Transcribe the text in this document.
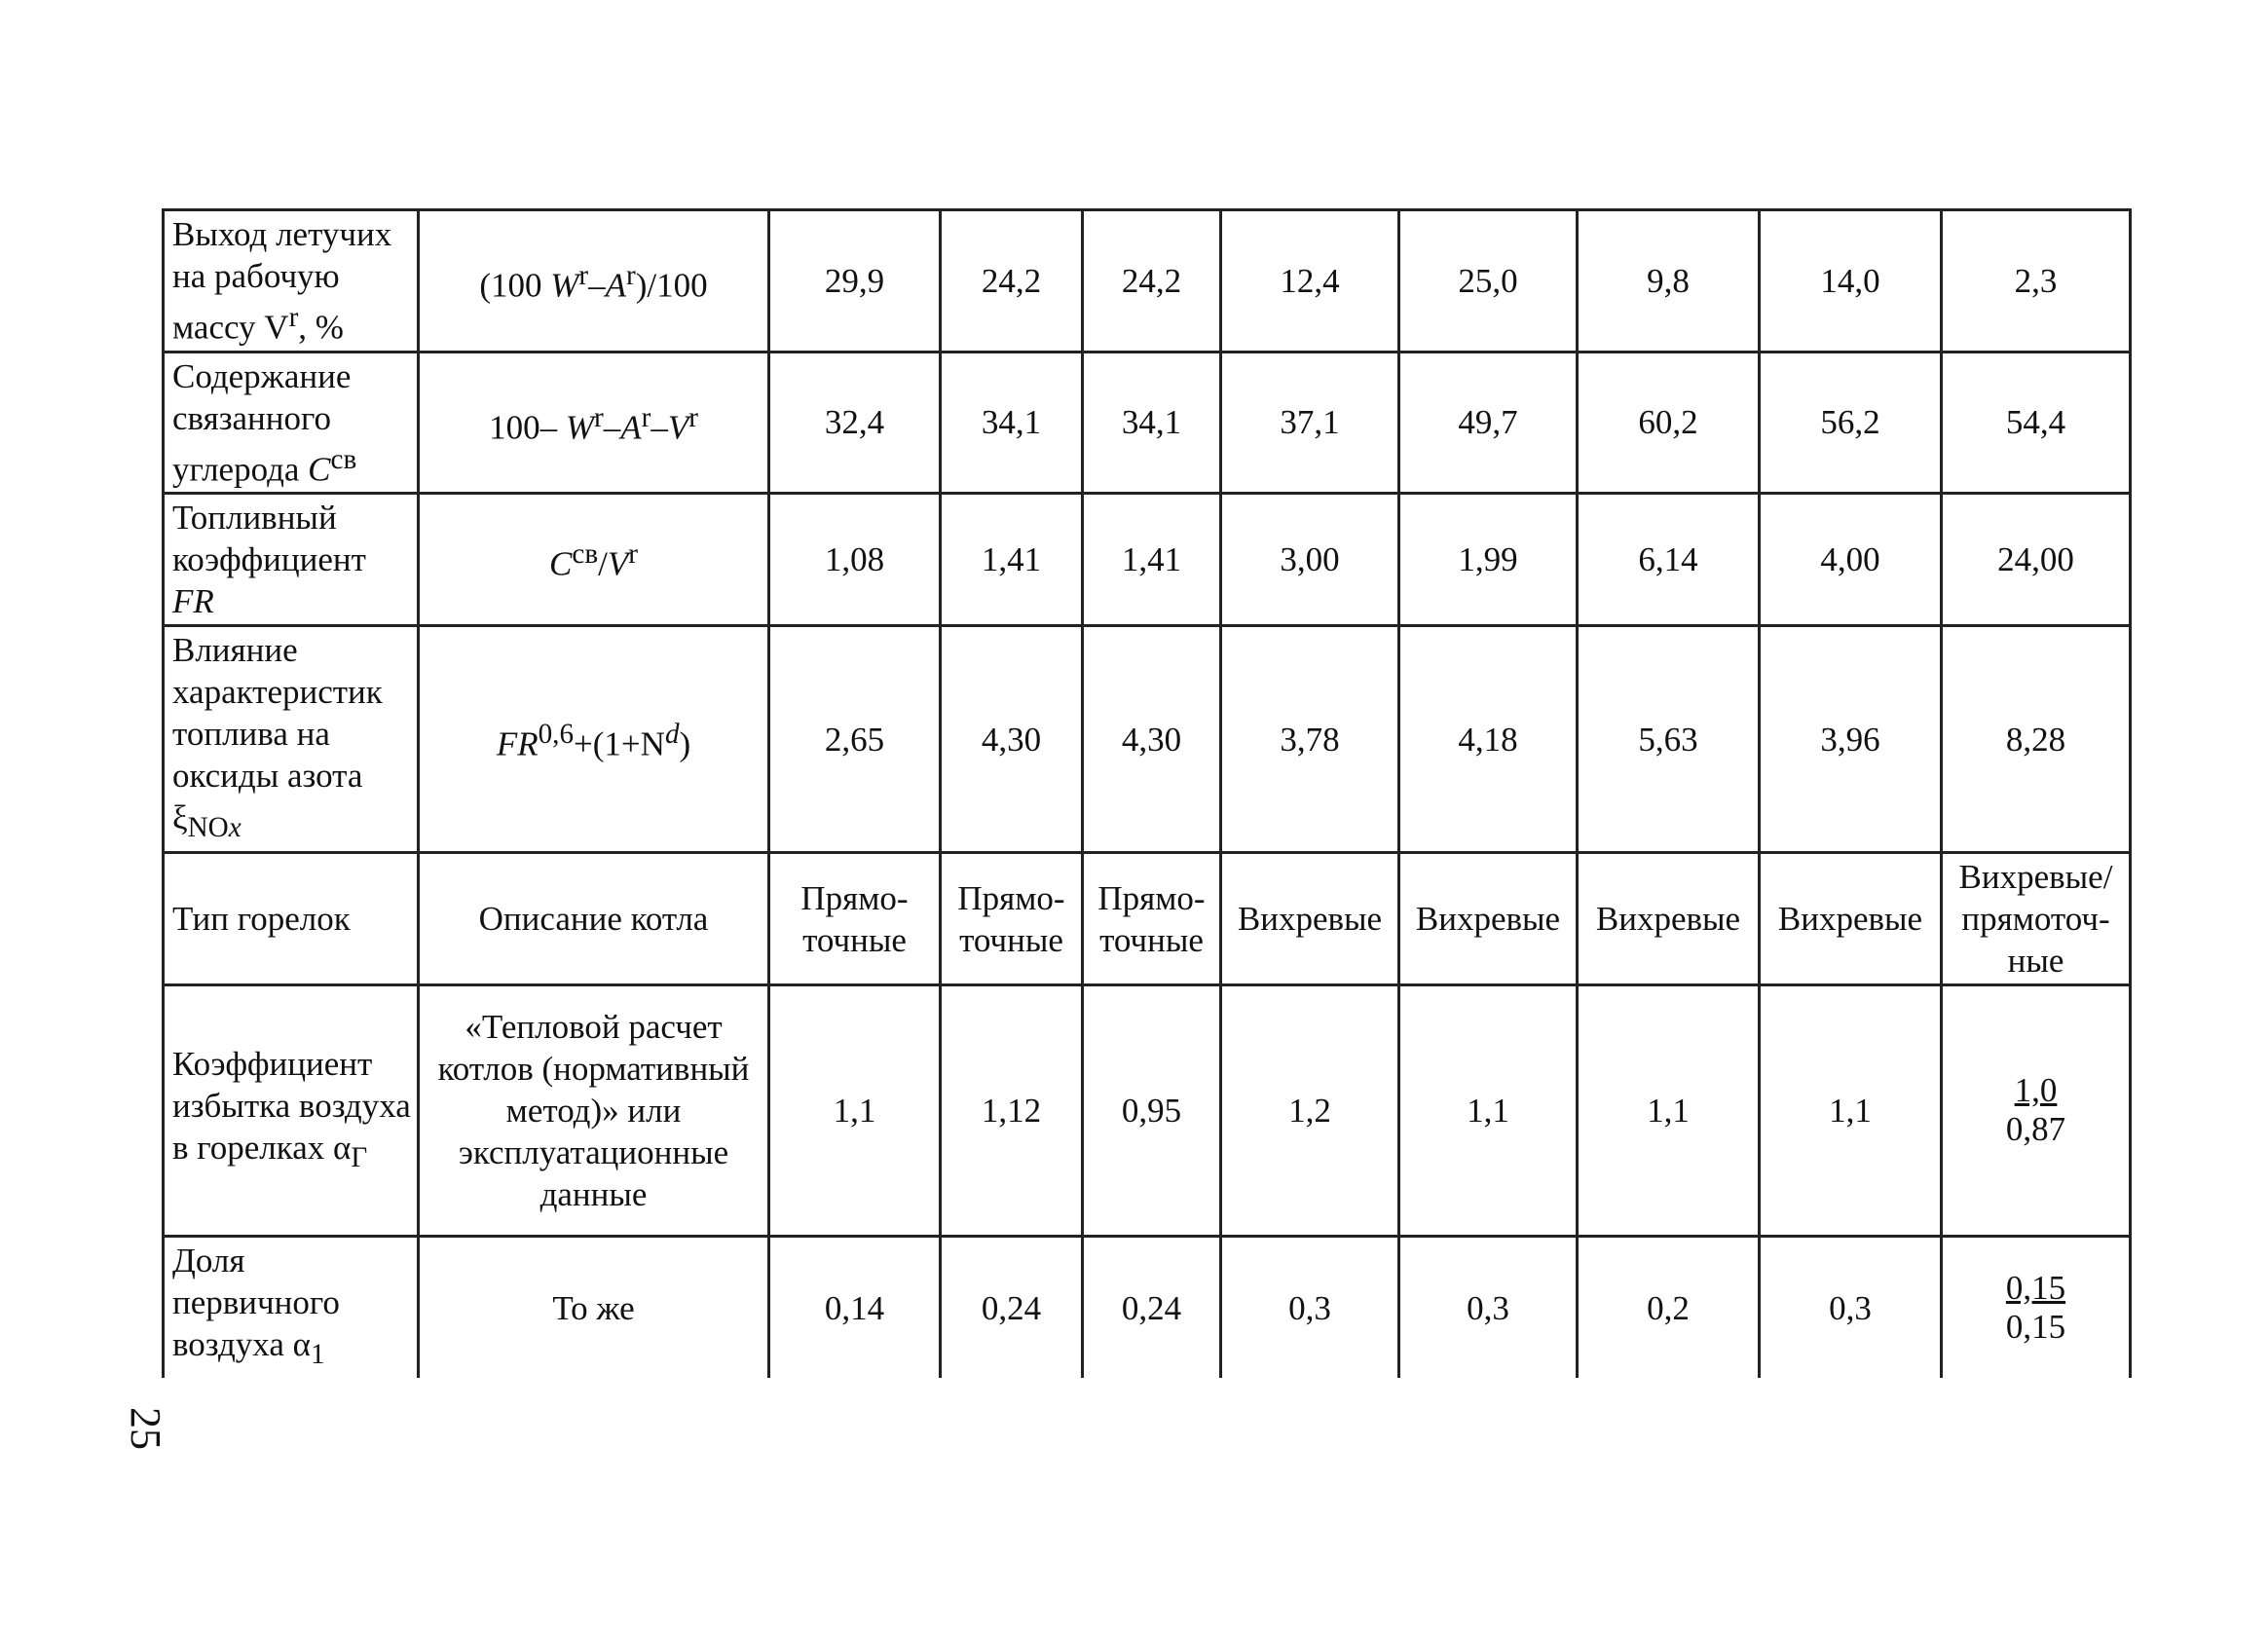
Выход летучих на рабочую массу $V^r$, %	(100 $W^r-A^r)/100$	29,9	24,2	24,2	12,4	25,0	9,8	14,0	2,3
Содержание связанного углерода $C^{св}$	100– $W^r-A^r-V^r$	32,4	34,1	34,1	37,1	49,7	60,2	56,2	54,4
Топливный коэффициент FR	$C^{св}/V^r$	1,08	1,41	1,41	3,00	1,99	6,14	4,00	24,00
Влияние характеристик топлива на оксиды азота $\xi_{NOx}$	$FR^{0,6}+(1+N^d)$	2,65	4,30	4,30	3,78	4,18	5,63	3,96	8,28
Тип горелок	Описание котла	Прямо-точные	Прямо-точные	Прямо-точные	Вихревые	Вихревые	Вихревые	Вихревые	Вихревые/прямоточ-ные
Коэффициент избытка воздуха в горелках $\alpha_Г$	«Тепловой расчет котлов (нормативный метод)» или эксплуатационные данные	1,1	1,12	0,95	1,2	1,1	1,1	1,1	$\frac{1,0}{0,87}$

Доля первичного воздуха $\alpha_1$	То же	0,14	0,24	0,24	0,3	0,3	0,2	0,3	$\frac{0,15}{0,15}$
25
